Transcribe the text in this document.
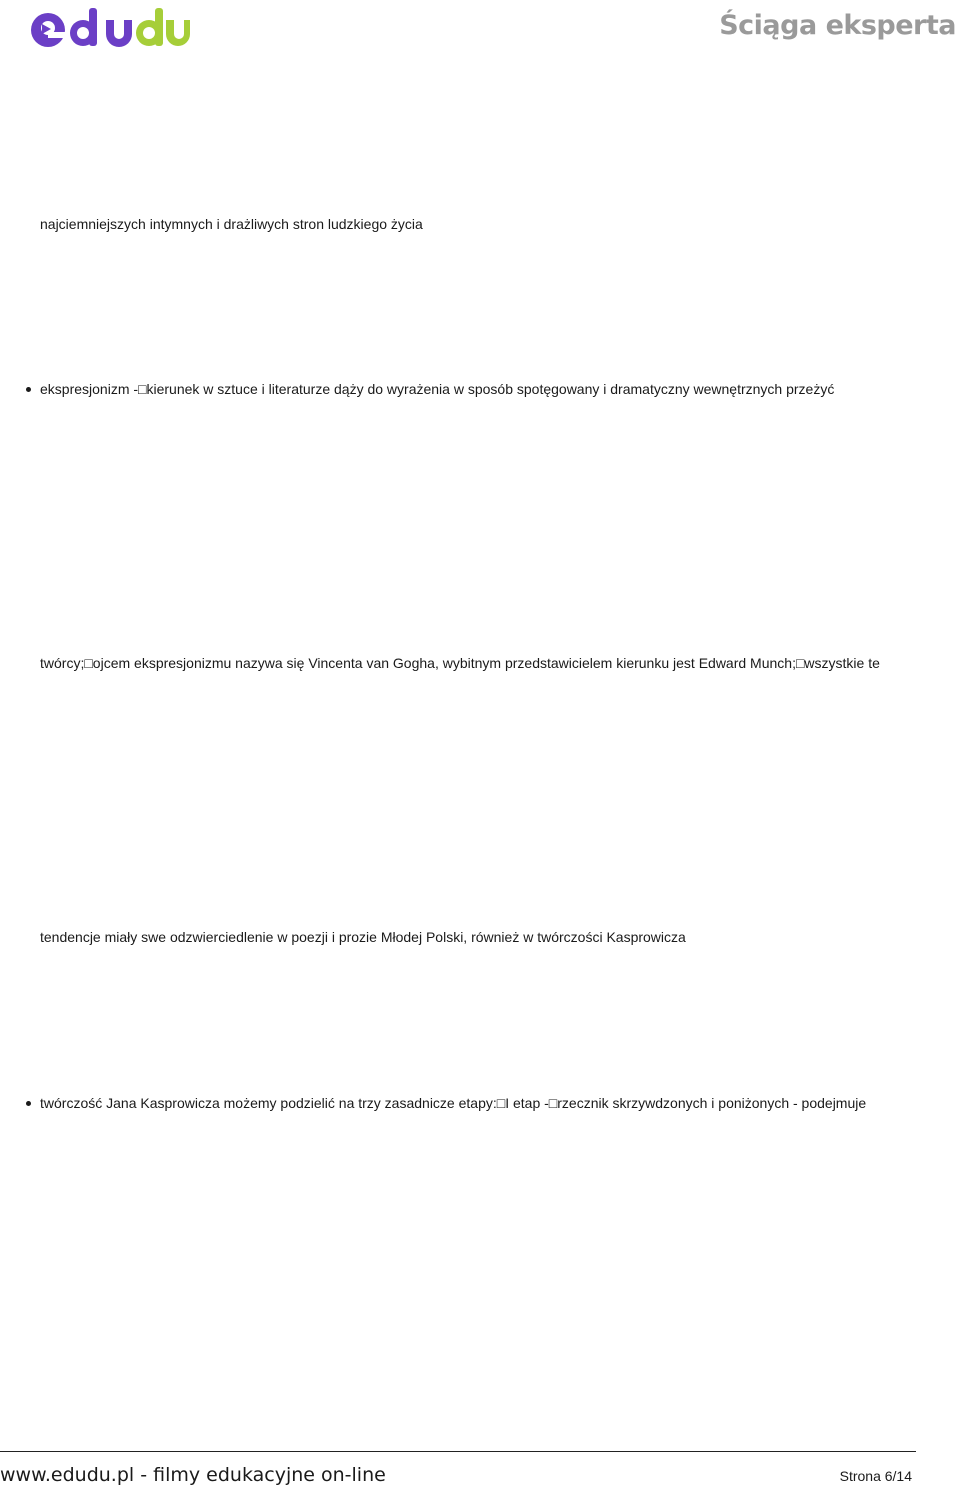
Ściąga eksperta
najciemniejszych intymnych i drażliwych stron ludzkiego życia
ekspresjonizm -□kierunek w sztuce i literaturze dąży do wyrażenia w sposób spotęgowany i dramatyczny wewnętrznych przeżyć
twórcy;□ojcem ekspresjonizmu nazywa się Vincenta van Gogha, wybitnym przedstawicielem kierunku jest Edward Munch;□wszystkie te
tendencje miały swe odzwierciedlenie w poezji i prozie Młodej Polski, również w twórczości Kasprowicza
twórczość Jana Kasprowicza możemy podzielić na trzy zasadnicze etapy:□I etap -□rzecznik skrzywdzonych i poniżonych - podejmuje
www.edudu.pl - filmy edukacyjne on-line	Strona 6/14
